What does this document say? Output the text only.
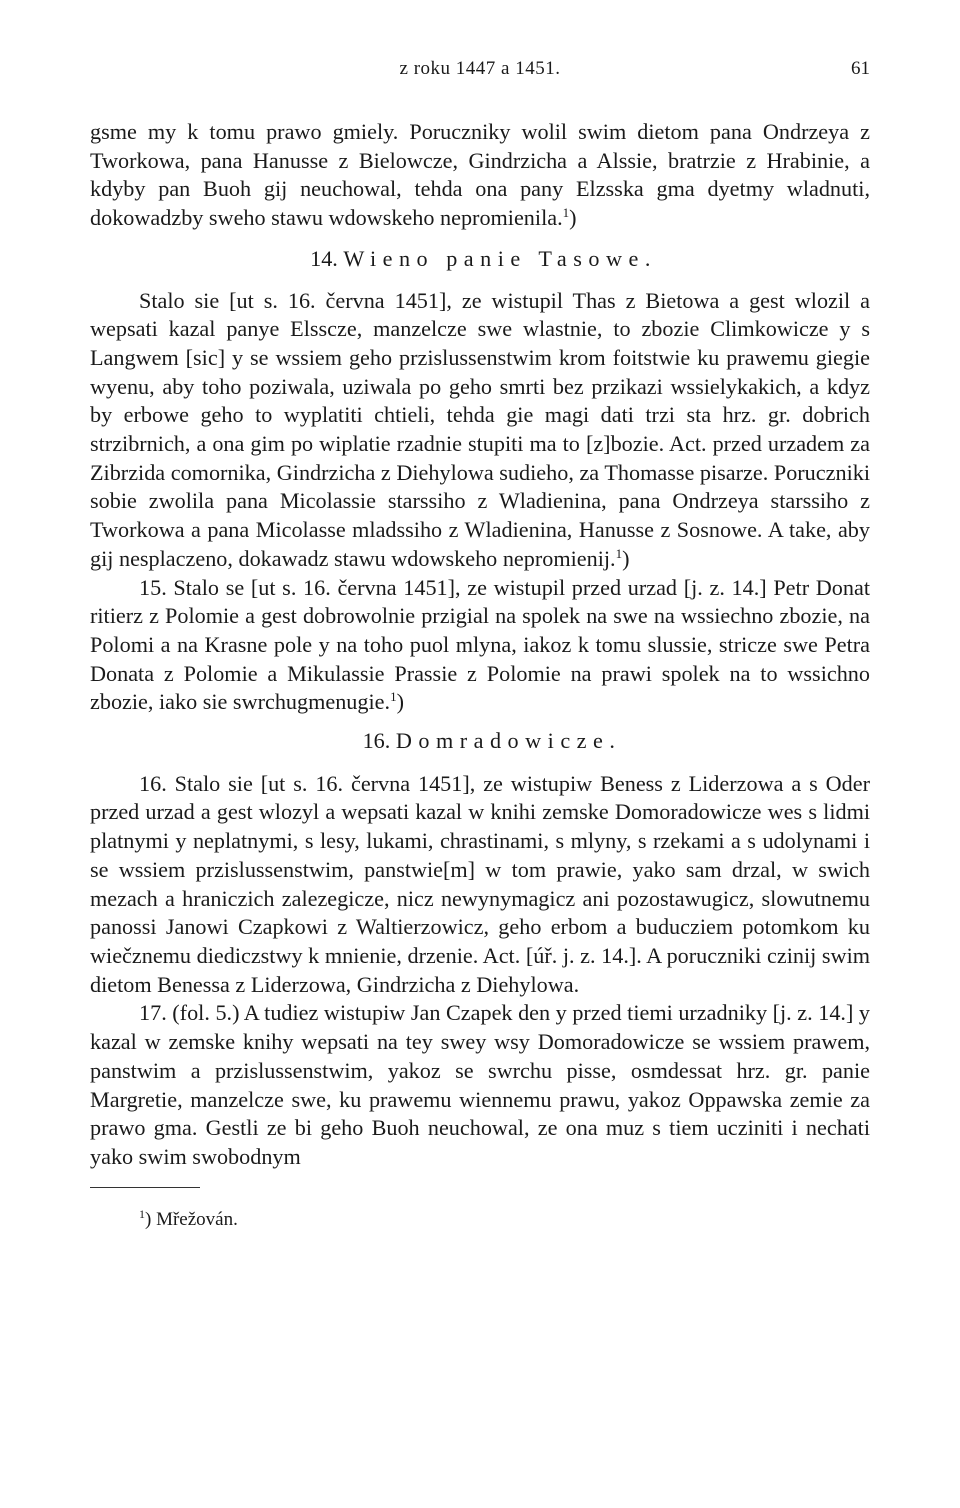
z roku 1447 a 1451.	61

gsme my k tomu prawo gmiely. Porucznikу wolil swim dietom pana Ondrzeya z Tworkowa, pana Hanusse z Bielowcze, Gindrzicha a Alssie, bratrzie z Hrabinie, a kdyby pan Buoh gij neuchowal, tehda ona pany Elzsska gma dyetmy wladnuti, dokowadzby sweho stawu wdowskeho nepromienila.$^1$)

14. Wieno panie Tasowe.

Stalo sie [ut s. 16. června 1451], ze wistupil Thas z Bietowa a gest wlozil a wepsati kazal panye Elsscze, manzelcze swe wlastnie, to zbozie Climkowicze y s Langwem [sic] y se wssiem geho przislussenstwim krom foitstwie ku prawemu giegie wyenu, aby toho poziwala, uziwala po geho smrti bez przikazi wssielykakich, a kdyz by erbowe geho to wyplatiti chtieli, tehda gie magi dati trzi sta hrz. gr. dobrich strzibrnich, a ona gim po wiplatie rzadnie stupiti ma to [z]bozie. Act. przed urzadem za Zibrzida comornika, Gindrzicha z Diehylowa sudieho, za Thomasse pisarze. Poruczniki sobie zwolila pana Micolassie starssiho z Wladienina, pana Ondrzeya starssiho z Tworkowa a pana Micolasse mladssiho z Wladienina, Hanusse z Sosnowe. A take, aby gij nesplaczeno, dokawadz stawu wdowskeho nepromienij.$^1$)

15. Stalo se [ut s. 16. června 1451], ze wistupil przed urzad [j. z. 14.] Petr Donat ritierz z Polomie a gest dobrowolnie przigial na spolek na swe na wssiechno zbozie, na Polomi a na Krasne pole y na toho puol mlyna, iakoz k tomu slussie, stricze swe Petra Donata z Polomie a Mikulassie Prassie z Polomie na prawi spolek na to wssichno zbozie, iako sie swrchugmenugie.$^1$)

16. Domradowicze.

16. Stalo sie [ut s. 16. června 1451], ze wistupiw Beness z Liderzowa a s Oder przed urzad a gest wlozyl a wepsati kazal w knihi zemske Domoradowicze wes s lidmi platnymi y neplatnymi, s lesy, lukami, chrastinami, s mlyny, s rzekami a s udolynami i se wssiem przislussenstwim, panstwie[m] w tom prawie, yako sam drzal, w swich mezach a hraniczich zalezegicze, nicz newynymagicz ani pozostawugicz, slowutnemu panossi Janowi Czapkowi z Waltierzowicz, geho erbom a buduczіem potomkom ku wiečznemu diediczstwy k mnienie, drzenie. Act. [úř. j. z. 14.]. A porucznіki czinij swim dietom Benessa z Liderzowa, Gindrzicha z Diehylowa.

17. (fol. 5.) A tudiez wistupiw Jan Czapek den y przed tiemi urzadniky [j. z. 14.] y kazal w zemske knihy wepsati na tey swey wsy Domoradowicze se wssiem prawem, panstwim a przislussenstwim, yakoz se swrchu pisse, osmdessat hrz. gr. panie Margretie, manzelcze swe, ku prawemu wiennemu prawu, yakoz Oppawska zemie za prawo gma. Gestli ze bi geho Buoh neuchowal, ze ona muz s tiem uczіniti i nechati yako swim swobodnym

$^1$) Mřežován.
